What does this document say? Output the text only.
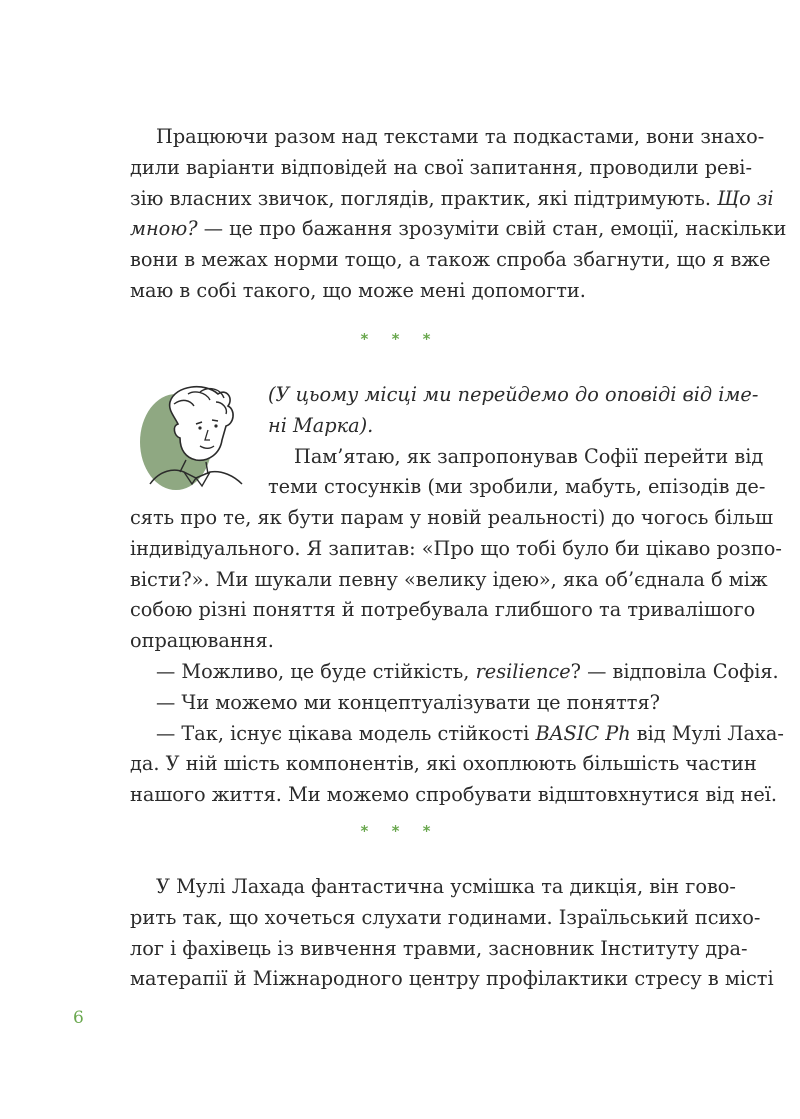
Працюючи разом над текстами та подкастами, вони знахо-
дили варіанти відповідей на свої запитання, проводили реві-
зію власних звичок, поглядів, практик, які підтримують. Що зі
мною? — це про бажання зрозуміти свій стан, емоції, наскільки
вони в межах норми тощо, а також спроба збагнути, що я вже
маю в собі такого, що може мені допомогти.
* * *
(У цьому місці ми перейдемо до оповіді від іме-
ні Марка).
Пам’ятаю, як запропонував Софії перейти від
теми стосунків (ми зробили, мабуть, епізодів де-
сять про те, як бути парам у новій реальності) до чогось більш
індивідуального. Я запитав: «Про що тобі було би цікаво розпо-
вісти?». Ми шукали певну «велику ідею», яка об’єднала б між
собою різні поняття й потребувала глибшого та тривалішого
опрацювання.
— Можливо, це буде стійкість, resilience? — відповіла Софія.
— Чи можемо ми концептуалізувати це поняття?
— Так, існує цікава модель стійкості BASIC Ph від Мулі Лаха-
да. У ній шість компонентів, які охоплюють більшість частин
нашого життя. Ми можемо спробувати відштовхнутися від неї.
* * *
У Мулі Лахада фантастична усмішка та дикція, він гово-
рить так, що хочеться слухати годинами. Ізраїльський психо-
лог і фахівець із вивчення травми, засновник Інституту дра-
матерапії й Міжнародного центру профілактики стресу в місті
6
